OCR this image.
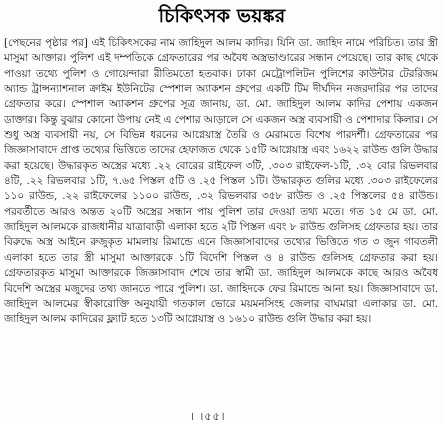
চিকিৎসক ভয়ঙ্কর

[পেছনের পৃষ্ঠার পর] এই চিকিৎসকের নাম জাহিদুল আলম কাদির। যিনি ডা. জাহিদ নামে পরিচিত। তার স্ত্রী মাসুমা আক্তার। পুলিশ এই দম্পতিকে গ্রেফতারের পর অবৈধ অস্ত্রভাণ্ডারের সন্ধান পেয়েছে। তার কাছ থেকে পাওয়া তথ্যে পুলিশ ও গোয়েন্দারা রীতিমতো হতবাক। ঢাকা মেট্রোপলিটন পুলিশের কাউন্টার টেররিজম অ্যান্ড ট্রান্সন্যাশনাল ক্রাইম ইউনিটের স্পেশাল অ্যাকশন গ্রুপের একটি টিম দীর্ঘদিন নজরদারির পর তাদের গ্রেফতার করে। স্পেশাল অ্যাকশন গ্রুপের সূত্র জানায়, ডা. মো. জাহিদুল আলম কাদির পেশায় একজন ডাক্তার। কিন্তু বুঝার কোনো উপায় নেই এ পেশার আড়ালে সে একজন অস্ত্র ব্যবসায়ী ও পেশাদার কিলার। সে শুধু অস্ত্র ব্যবসায়ী নয়, সে বিভিন্ন ধরনের আগ্নেয়াস্ত্র তৈরি ও মেরামতে বিশেষ পারদর্শী। গ্রেফতারের পর জিজ্ঞাসাবাদে প্রাপ্ত তথ্যের ভিত্তিতে তাদের হেফাজত থেকে ১৫টি আগ্নেয়াস্ত্র এবং ১৬২২ রাউন্ড গুলি উদ্ধার করা হয়েছে। উদ্ধারকৃত অস্ত্রের মধ্যে .২২ বোরের রাইফেল ৩টি, .৩০৩ রাইফেল-১টি, .৩২ বোর রিভলবার ৪টি, .২২ রিভলবার ১টি, ৭.৬৫ পিস্তল ৫টি ও .২৫ পিস্তল ১টি। উদ্ধারকৃত গুলির মধ্যে .৩০৩ রাইফেলের ১১০ রাউন্ড, .২২ রাইফেলের ১১০০ রাউন্ড, .৩২ রিভলবার ৩৫৮ রাউন্ড ও .২৫ পিস্তলের ৫৪ রাউন্ড। পরবর্তীতে আরও অন্তত ২০টি অস্ত্রের সন্ধান পায় পুলিশ তার দেওয়া তথ্য মতে। গত ১৫ মে ডা. মো. জাহিদুল আলমকে রাজধানীর যাত্রাবাড়ী এলাকা হতে ২টি পিস্তল এবং ৮ রাউন্ড গুলিসহ গ্রেফতার হয়। তার বিরুদ্ধে অস্ত্র আইনে রুজুকৃত মামলায় রিমান্ডে এনে জিজ্ঞাসাবাদের তথ্যের ভিত্তিতে গত ৩ জুন গাবতলী এলাকা হতে তার স্ত্রী মাসুমা আক্তারকে ১টি বিদেশি পিস্তল ও ৪ রাউন্ড গুলিসহ গ্রেফতার করা হয়। গ্রেফতারকৃত মাসুমা আক্তারকে জিজ্ঞাসাবাদ শেষে তার স্বামী ডা. জাহিদুল আলমকে কাছে আরও অবৈধ বিদেশি অস্ত্রের মজুদের তথ্য জানতে পারে পুলিশ। ডা. জাহিদকে ফের রিমান্ডে আনা হয়। জিজ্ঞাসাবাদে ডা. জাহিদুল আলমের স্বীকারোক্তি অনুযায়ী গতকাল ভোরে ময়মনসিংহ জেলার বাঘমারা এলাকার ডা. মো. জাহিদুল আলম কাদিরের ফ্ল্যাট হতে ১৩টি আগ্নেয়াস্ত্র ও ১৬১০ রাউন্ড গুলি উদ্ধার করা হয়।

। ।৫৫।
